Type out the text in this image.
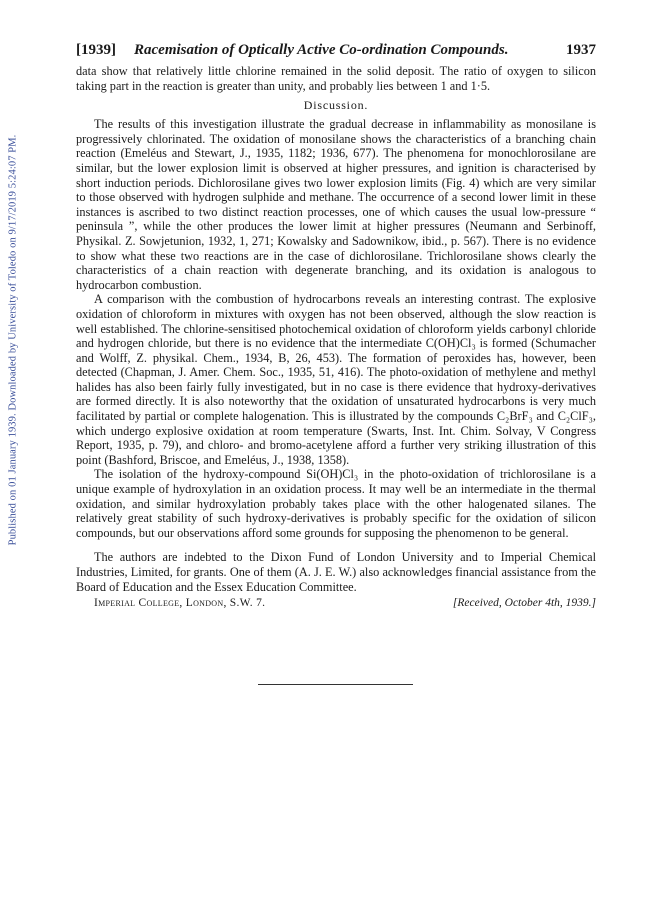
Published on 01 January 1939. Downloaded by University of Toledo on 9/17/2019 5:24:07 PM.
[1939] Racemisation of Optically Active Co-ordination Compounds.	1937

data show that relatively little chlorine remained in the solid deposit. The ratio of oxygen to silicon taking part in the reaction is greater than unity, and probably lies between 1 and 1·5.

Discussion.

The results of this investigation illustrate the gradual decrease in inflammability as monosilane is progressively chlorinated. The oxidation of monosilane shows the characteristics of a branching chain reaction (Emeléus and Stewart, J., 1935, 1182; 1936, 677). The phenomena for monochlorosilane are similar, but the lower explosion limit is observed at higher pressures, and ignition is characterised by short induction periods. Dichlorosilane gives two lower explosion limits (Fig. 4) which are very similar to those observed with hydrogen sulphide and methane. The occurrence of a second lower limit in these instances is ascribed to two distinct reaction processes, one of which causes the usual low-pressure “ peninsula ”, while the other produces the lower limit at higher pressures (Neumann and Serbinoff, Physikal. Z. Sowjetunion, 1932, 1, 271; Kowalsky and Sadownikow, ibid., p. 567). There is no evidence to show what these two reactions are in the case of dichlorosilane. Trichlorosilane shows clearly the characteristics of a chain reaction with degenerate branching, and its oxidation is analogous to hydrocarbon combustion.

A comparison with the combustion of hydrocarbons reveals an interesting contrast. The explosive oxidation of chloroform in mixtures with oxygen has not been observed, although the slow reaction is well established. The chlorine-sensitised photochemical oxidation of chloroform yields carbonyl chloride and hydrogen chloride, but there is no evidence that the intermediate C(OH)Cl₃ is formed (Schumacher and Wolff, Z. physikal. Chem., 1934, B, 26, 453). The formation of peroxides has, however, been detected (Chapman, J. Amer. Chem. Soc., 1935, 51, 416). The photo-oxidation of methylene and methyl halides has also been fairly fully investigated, but in no case is there evidence that hydroxy-derivatives are formed directly. It is also noteworthy that the oxidation of unsaturated hydrocarbons is very much facilitated by partial or complete halogenation. This is illustrated by the compounds C₂BrF₃ and C₂ClF₃, which undergo explosive oxidation at room temperature (Swarts, Inst. Int. Chim. Solvay, V Congress Report, 1935, p. 79), and chloro- and bromo-acetylene afford a further very striking illustration of this point (Bashford, Briscoe, and Emeléus, J., 1938, 1358).

The isolation of the hydroxy-compound Si(OH)Cl₃ in the photo-oxidation of trichlorosilane is a unique example of hydroxylation in an oxidation process. It may well be an intermediate in the thermal oxidation, and similar hydroxylation probably takes place with the other halogenated silanes. The relatively great stability of such hydroxy-derivatives is probably specific for the oxidation of silicon compounds, but our observations afford some grounds for supposing the phenomenon to be general.

The authors are indebted to the Dixon Fund of London University and to Imperial Chemical Industries, Limited, for grants. One of them (A. J. E. W.) also acknowledges financial assistance from the Board of Education and the Essex Education Committee.

Imperial College, London, S.W. 7.	[Received, October 4th, 1939.]
